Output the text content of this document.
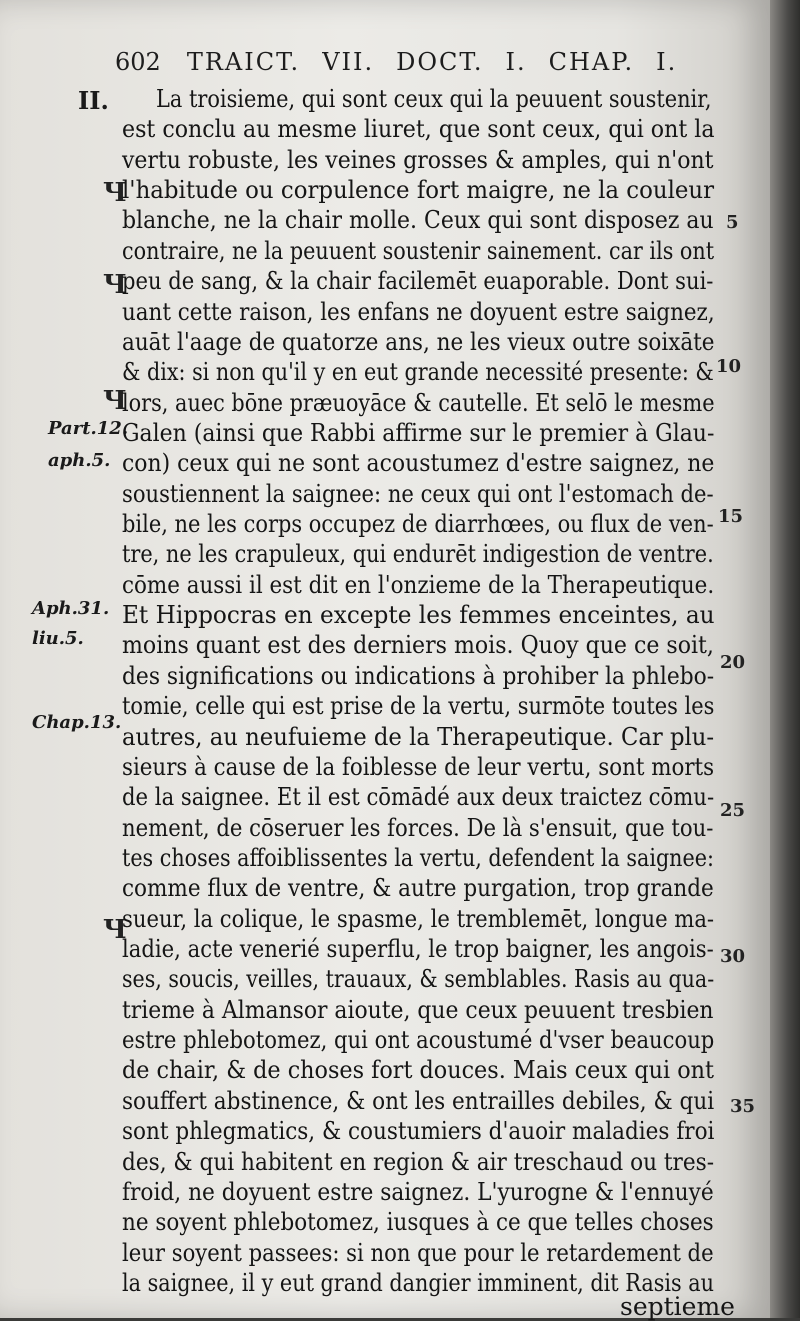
602 TRAICT. VII. DOCT. I. CHAP. I.
II.
Ч
Ч
Ч
Ч
Part.12.
aph.5.
Aph.31.
liu.5.
Chap.13.
5
10
15
20
25
30
35
La troisieme, qui sont ceux qui la peuuent soustenir,
est conclu au mesme liuret, que sont ceux, qui ont la
vertu robuste, les veines grosses & amples, qui n'ont
l'habitude ou corpulence fort maigre, ne la couleur
blanche, ne la chair molle. Ceux qui sont disposez au
contraire, ne la peuuent soustenir sainement. car ils ont
peu de sang, & la chair facilemēt euaporable. Dont sui-
uant cette raison, les enfans ne doyuent estre saignez,
auāt l'aage de quatorze ans, ne les vieux outre soixāte
& dix: si non qu'il y en eut grande necessité presente: &
lors, auec bōne præuoyāce & cautelle. Et selō le mesme
Galen (ainsi que Rabbi affirme sur le premier à Glau-
con) ceux qui ne sont acoustumez d'estre saignez, ne
soustiennent la saignee: ne ceux qui ont l'estomach de-
bile, ne les corps occupez de diarrhœes, ou flux de ven-
tre, ne les crapuleux, qui endurēt indigestion de ventre.
cōme aussi il est dit en l'onzieme de la Therapeutique.
Et Hippocras en excepte les femmes enceintes, au
moins quant est des derniers mois. Quoy que ce soit,
des significations ou indications à prohiber la phlebo-
tomie, celle qui est prise de la vertu, surmōte toutes les
autres, au neufuieme de la Therapeutique. Car plu-
sieurs à cause de la foiblesse de leur vertu, sont morts
de la saignee. Et il est cōmādé aux deux traictez cōmu-
nement, de cōseruer les forces. De là s'ensuit, que tou-
tes choses affoiblissentes la vertu, defendent la saignee:
comme flux de ventre, & autre purgation, trop grande
sueur, la colique, le spasme, le tremblemēt, longue ma-
ladie, acte venerié superflu, le trop baigner, les angois-
ses, soucis, veilles, trauaux, & semblables. Rasis au qua-
trieme à Almansor aioute, que ceux peuuent tresbien
estre phlebotomez, qui ont acoustumé d'vser beaucoup
de chair, & de choses fort douces. Mais ceux qui ont
souffert abstinence, & ont les entrailles debiles, & qui
sont phlegmatics, & coustumiers d'auoir maladies froi
des, & qui habitent en region & air treschaud ou tres-
froid, ne doyuent estre saignez. L'yurogne & l'ennuyé
ne soyent phlebotomez, iusques à ce que telles choses
leur soyent passees: si non que pour le retardement de
la saignee, il y eut grand dangier imminent, dit Rasis au
septieme
